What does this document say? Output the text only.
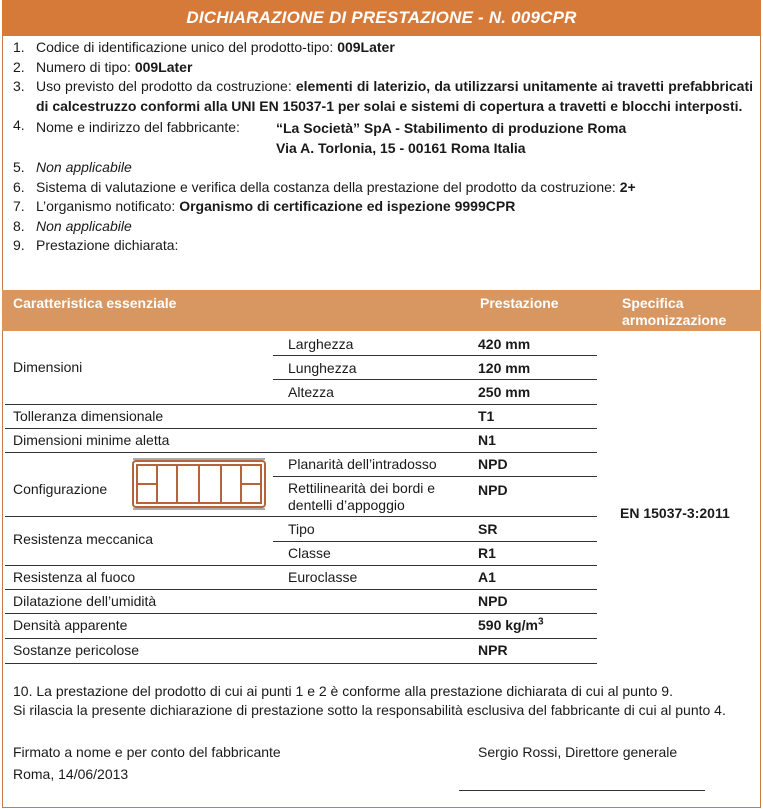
DICHIARAZIONE DI PRESTAZIONE - N. 009CPR
1. Codice di identificazione unico del prodotto-tipo: 009Later
2. Numero di tipo: 009Later
3. Uso previsto del prodotto da costruzione: elementi di laterizio, da utilizzarsi unitamente ai travetti prefabbricati di calcestruzzo conformi alla UNI EN 15037-1 per solai e sistemi di copertura a travetti e blocchi interposti.
4. Nome e indirizzo del fabbricante:	“La Società” SpA - Stabilimento di produzione Roma
Via A. Torlonia, 15 - 00161 Roma Italia
5. Non applicabile
6. Sistema di valutazione e verifica della costanza della prestazione del prodotto da costruzione: 2+
7. L’organismo notificato: Organismo di certificazione ed ispezione 9999CPR
8. Non applicabile
9. Prestazione dichiarata:
Caratteristica essenziale	Prestazione	Specifica
armonizzazione
Dimensioni
Larghezza	420 mm
Lunghezza	120 mm
Altezza	250 mm
Tolleranza dimensionale	T1
Dimensioni minime aletta	N1
Configurazione
Planarità dell’intradosso	NPD
Rettilinearità dei bordi e
dentelli d’appoggio
NPD
Resistenza meccanica
Tipo	SR
Classe	R1
Resistenza al fuoco	Euroclasse	A1
Dilatazione dell’umidità	NPD
Densità apparente	590 $kg/m^3$
Sostanze pericolose	NPR
EN 15037-3:2011
10. La prestazione del prodotto di cui ai punti 1 e 2 è conforme alla prestazione dichiarata di cui al punto 9.
Si rilascia la presente dichiarazione di prestazione sotto la responsabilità esclusiva del fabbricante di cui al punto 4.
Firmato a nome e per conto del fabbricante
Roma, 14/06/2013
Sergio Rossi, Direttore generale
